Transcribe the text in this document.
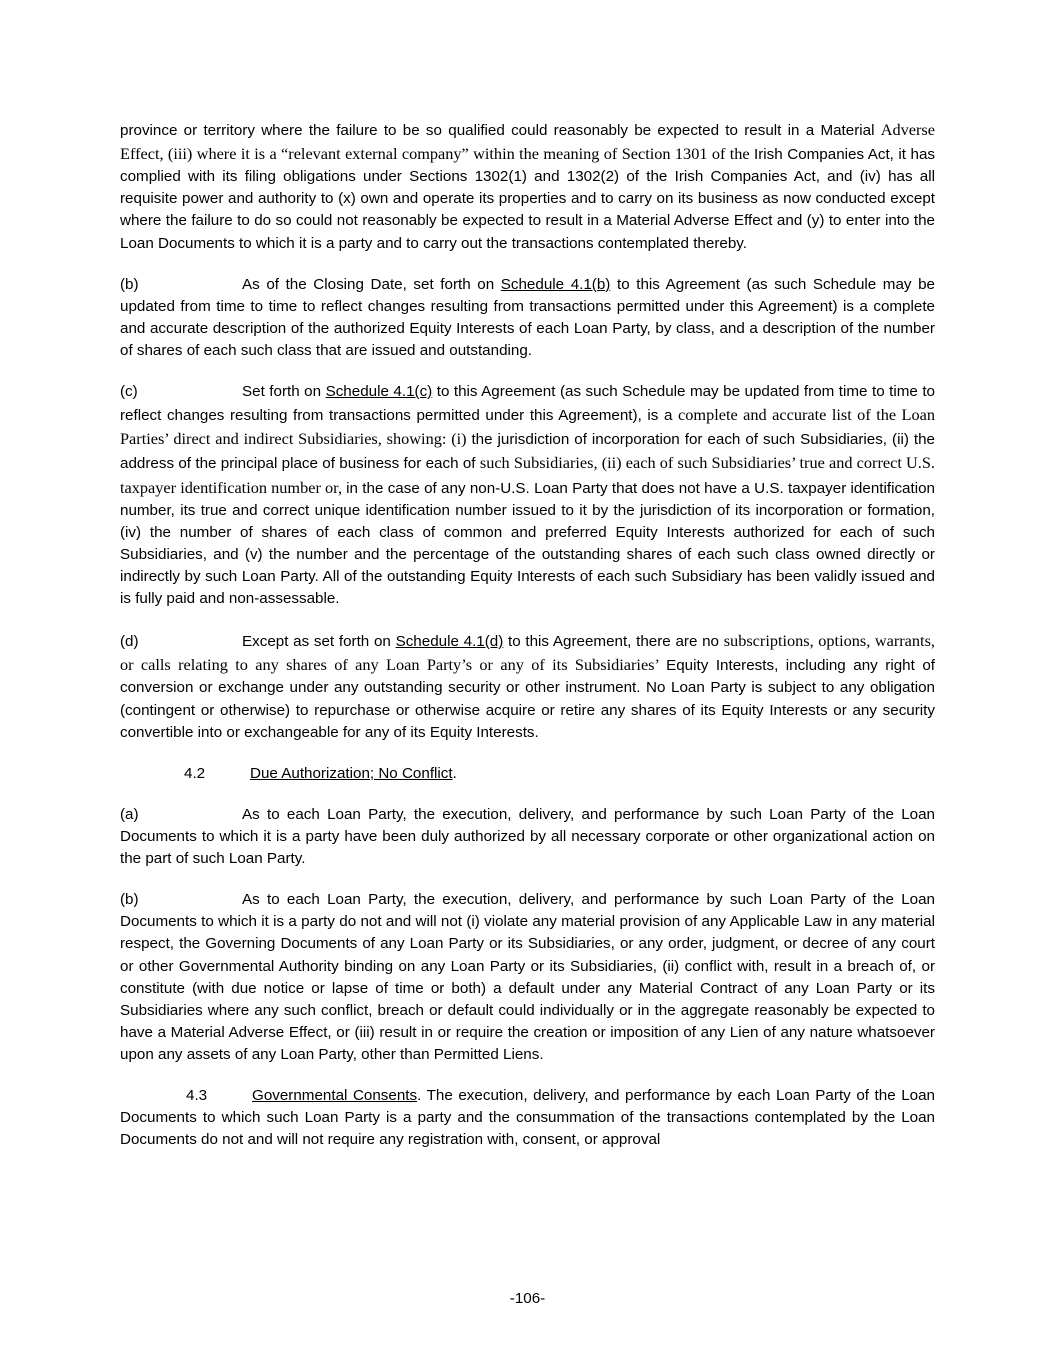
province or territory where the failure to be so qualified could reasonably be expected to result in a Material Adverse Effect, (iii) where it is a “relevant external company” within the meaning of Section 1301 of the Irish Companies Act, it has complied with its filing obligations under Sections 1302(1) and 1302(2) of the Irish Companies Act, and (iv) has all requisite power and authority to (x) own and operate its properties and to carry on its business as now conducted except where the failure to do so could not reasonably be expected to result in a Material Adverse Effect and (y) to enter into the Loan Documents to which it is a party and to carry out the transactions contemplated thereby.

(b)	As of the Closing Date, set forth on Schedule 4.1(b) to this Agreement (as such Schedule may be updated from time to time to reflect changes resulting from transactions permitted under this Agreement) is a complete and accurate description of the authorized Equity Interests of each Loan Party, by class, and a description of the number of shares of each such class that are issued and outstanding.

(c)	Set forth on Schedule 4.1(c) to this Agreement (as such Schedule may be updated from time to time to reflect changes resulting from transactions permitted under this Agreement), is a complete and accurate list of the Loan Parties’ direct and indirect Subsidiaries, showing: (i) the jurisdiction of incorporation for each of such Subsidiaries, (ii) the address of the principal place of business for each of such Subsidiaries, (ii) each of such Subsidiaries’ true and correct U.S. taxpayer identification number or, in the case of any non-U.S. Loan Party that does not have a U.S. taxpayer identification number, its true and correct unique identification number issued to it by the jurisdiction of its incorporation or formation, (iv) the number of shares of each class of common and preferred Equity Interests authorized for each of such Subsidiaries, and (v) the number and the percentage of the outstanding shares of each such class owned directly or indirectly by such Loan Party. All of the outstanding Equity Interests of each such Subsidiary has been validly issued and is fully paid and non-assessable.

(d)	Except as set forth on Schedule 4.1(d) to this Agreement, there are no subscriptions, options, warrants, or calls relating to any shares of any Loan Party’s or any of its Subsidiaries’ Equity Interests, including any right of conversion or exchange under any outstanding security or other instrument. No Loan Party is subject to any obligation (contingent or otherwise) to repurchase or otherwise acquire or retire any shares of its Equity Interests or any security convertible into or exchangeable for any of its Equity Interests.

4.2	Due Authorization; No Conflict.

(a)	As to each Loan Party, the execution, delivery, and performance by such Loan Party of the Loan Documents to which it is a party have been duly authorized by all necessary corporate or other organizational action on the part of such Loan Party.

(b)	As to each Loan Party, the execution, delivery, and performance by such Loan Party of the Loan Documents to which it is a party do not and will not (i) violate any material provision of any Applicable Law in any material respect, the Governing Documents of any Loan Party or its Subsidiaries, or any order, judgment, or decree of any court or other Governmental Authority binding on any Loan Party or its Subsidiaries, (ii) conflict with, result in a breach of, or constitute (with due notice or lapse of time or both) a default under any Material Contract of any Loan Party or its Subsidiaries where any such conflict, breach or default could individually or in the aggregate reasonably be expected to have a Material Adverse Effect, or (iii) result in or require the creation or imposition of any Lien of any nature whatsoever upon any assets of any Loan Party, other than Permitted Liens.

4.3	Governmental Consents. The execution, delivery, and performance by each Loan Party of the Loan Documents to which such Loan Party is a party and the consummation of the transactions contemplated by the Loan Documents do not and will not require any registration with, consent, or approval

-106-
